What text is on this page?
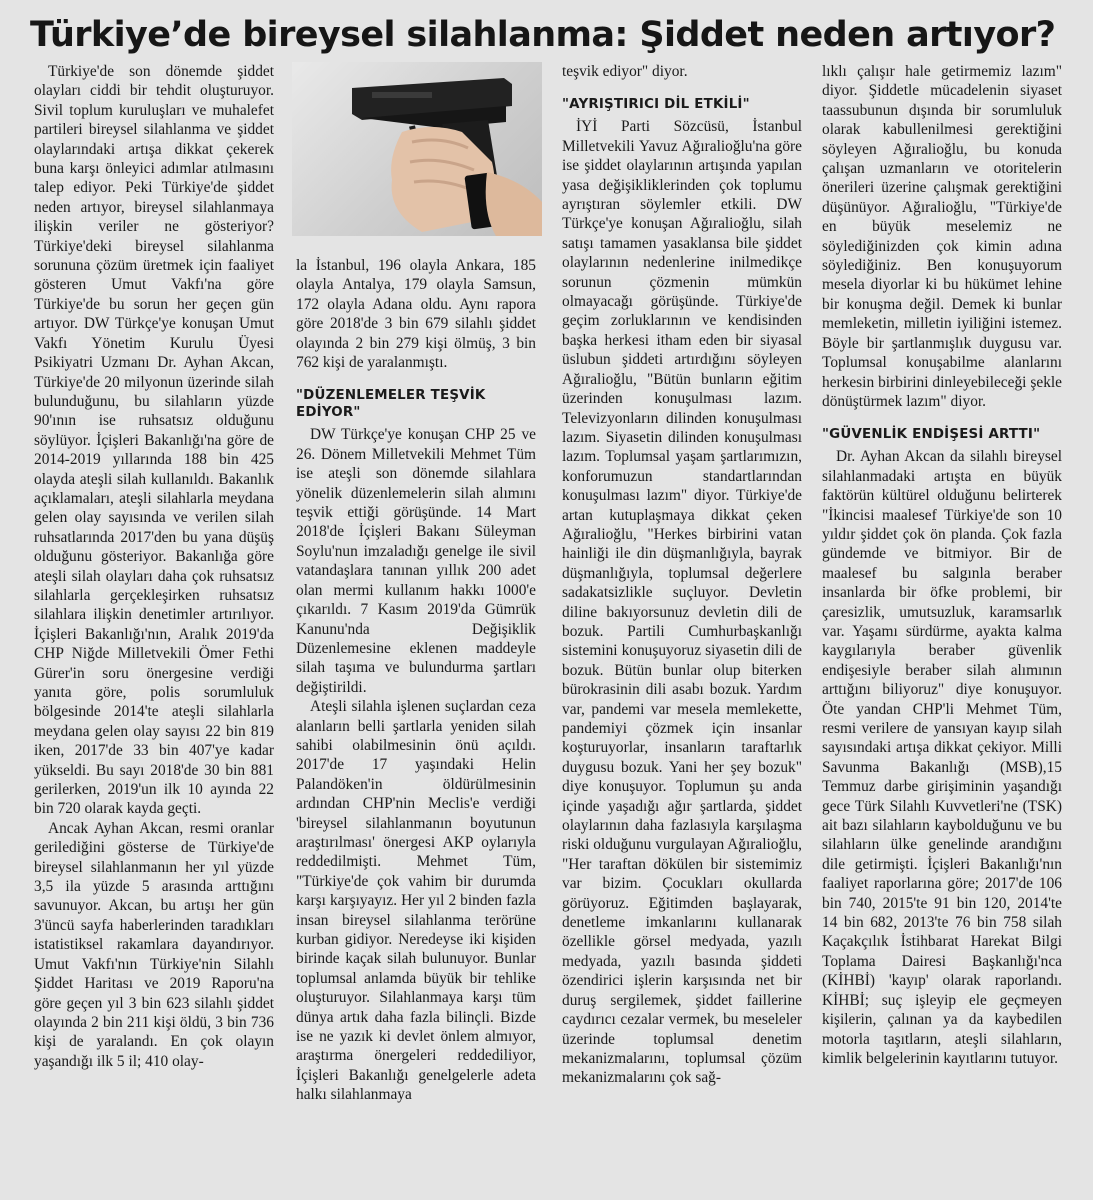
Türkiye’de bireysel silahlanma: Şiddet neden artıyor?

Türkiye'de son dönemde şiddet olayları ciddi bir tehdit oluşturuyor. Sivil toplum kuruluşları ve muhalefet partileri bireysel silahlanma ve şiddet olaylarındaki artışa dikkat çekerek buna karşı önleyici adımlar atılmasını talep ediyor. Peki Türkiye'de şiddet neden artıyor, bireysel silahlanmaya ilişkin veriler ne gösteriyor? Türkiye'deki bireysel silahlanma sorununa çözüm üretmek için faaliyet gösteren Umut Vakfı'na göre Türkiye'de bu sorun her geçen gün artıyor. DW Türkçe'ye konuşan Umut Vakfı Yönetim Kurulu Üyesi Psikiyatri Uzmanı Dr. Ayhan Akcan, Türkiye'de 20 milyonun üzerinde silah bulunduğunu, bu silahların yüzde 90'ının ise ruhsatsız olduğunu söylüyor. İçişleri Bakanlığı'na göre de 2014-2019 yıllarında 188 bin 425 olayda ateşli silah kullanıldı. Bakanlık açıklamaları, ateşli silahlarla meydana gelen olay sayısında ve verilen silah ruhsatlarında 2017'den bu yana düşüş olduğunu gösteriyor. Bakanlığa göre ateşli silah olayları daha çok ruhsatsız silahlarla gerçekleşirken ruhsatsız silahlara ilişkin denetimler artırılıyor. İçişleri Bakanlığı'nın, Aralık 2019'da CHP Niğde Milletvekili Ömer Fethi Gürer'in soru önergesine verdiği yanıta göre, polis sorumluluk bölgesinde 2014'te ateşli silahlarla meydana gelen olay sayısı 22 bin 819 iken, 2017'de 33 bin 407'ye kadar yükseldi. Bu sayı 2018'de 30 bin 881 gerilerken, 2019'un ilk 10 ayında 22 bin 720 olarak kayda geçti.

Ancak Ayhan Akcan, resmi oranlar gerilediğini gösterse de Türkiye'de bireysel silahlanmanın her yıl yüzde 3,5 ila yüzde 5 arasında arttığını savunuyor. Akcan, bu artışı her gün 3'üncü sayfa haberlerinden taradıkları istatistiksel rakamlara dayandırıyor. Umut Vakfı'nın Türkiye'nin Silahlı Şiddet Haritası ve 2019 Raporu'na göre geçen yıl 3 bin 623 silahlı şiddet olayında 2 bin 211 kişi öldü, 3 bin 736 kişi de yaralandı. En çok olayın yaşandığı ilk 5 il; 410 olay-

la İstanbul, 196 olayla Ankara, 185 olayla Antalya, 179 olayla Samsun, 172 olayla Adana oldu. Aynı rapora göre 2018'de 3 bin 679 silahlı şiddet olayında 2 bin 279 kişi ölmüş, 3 bin 762 kişi de yaralanmıştı.

"DÜZENLEMELER TEŞVİK EDİYOR"

DW Türkçe'ye konuşan CHP 25 ve 26. Dönem Milletvekili Mehmet Tüm ise ateşli son dönemde silahlara yönelik düzenlemelerin silah alımını teşvik ettiği görüşünde. 14 Mart 2018'de İçişleri Bakanı Süleyman Soylu'nun imzaladığı genelge ile sivil vatandaşlara tanınan yıllık 200 adet olan mermi kullanım hakkı 1000'e çıkarıldı. 7 Kasım 2019'da Gümrük Kanunu'nda Değişiklik Düzenlemesine eklenen maddeyle silah taşıma ve bulundurma şartları değiştirildi.

Ateşli silahla işlenen suçlardan ceza alanların belli şartlarla yeniden silah sahibi olabilmesinin önü açıldı. 2017'de 17 yaşındaki Helin Palandöken'in öldürülmesinin ardından CHP'nin Meclis'e verdiği 'bireysel silahlanmanın boyutunun araştırılması' önergesi AKP oylarıyla reddedilmişti. Mehmet Tüm, "Türkiye'de çok vahim bir durumda karşı karşıyayız. Her yıl 2 binden fazla insan bireysel silahlanma terörüne kurban gidiyor. Neredeyse iki kişiden birinde kaçak silah bulunuyor. Bunlar toplumsal anlamda büyük bir tehlike oluşturuyor. Silahlanmaya karşı tüm dünya artık daha fazla bilinçli. Bizde ise ne yazık ki devlet önlem almıyor, araştırma önergeleri reddediliyor, İçişleri Bakanlığı genelgelerle adeta halkı silahlanmaya

teşvik ediyor" diyor.

"AYRIŞTIRICI DİL ETKİLİ"

İYİ Parti Sözcüsü, İstanbul Milletvekili Yavuz Ağıralioğlu'na göre ise şiddet olaylarının artışında yapılan yasa değişikliklerinden çok toplumu ayrıştıran söylemler etkili. DW Türkçe'ye konuşan Ağıralioğlu, silah satışı tamamen yasaklansa bile şiddet olaylarının nedenlerine inilmedikçe sorunun çözmenin mümkün olmayacağı görüşünde. Türkiye'de geçim zorluklarının ve kendisinden başka herkesi itham eden bir siyasal üslubun şiddeti artırdığını söyleyen Ağıralioğlu, "Bütün bunların eğitim üzerinden konuşulması lazım. Televizyonların dilinden konuşulması lazım. Siyasetin dilinden konuşulması lazım. Toplumsal yaşam şartlarımızın, konforumuzun standartlarından konuşulması lazım" diyor. Türkiye'de artan kutuplaşmaya dikkat çeken Ağıralioğlu, "Herkes birbirini vatan hainliği ile din düşmanlığıyla, bayrak düşmanlığıyla, toplumsal değerlere sadakatsizlikle suçluyor. Devletin diline bakıyorsunuz devletin dili de bozuk. Partili Cumhurbaşkanlığı sistemini konuşuyoruz siyasetin dili de bozuk. Bütün bunlar olup biterken bürokrasinin dili asabı bozuk. Yardım var, pandemi var mesela memlekette, pandemiyi çözmek için insanlar koşturuyorlar, insanların taraftarlık duygusu bozuk. Yani her şey bozuk" diye konuşuyor. Toplumun şu anda içinde yaşadığı ağır şartlarda, şiddet olaylarının daha fazlasıyla karşılaşma riski olduğunu vurgulayan Ağıralioğlu, "Her taraftan dökülen bir sistemimiz var bizim. Çocukları okullarda görüyoruz. Eğitimden başlayarak, denetleme imkanlarını kullanarak özellikle görsel medyada, yazılı medyada, yazılı basında şiddeti özendirici işlerin karşısında net bir duruş sergilemek, şiddet faillerine caydırıcı cezalar vermek, bu meseleler üzerinde toplumsal denetim mekanizmalarını, toplumsal çözüm mekanizmalarını çok sağ-

lıklı çalışır hale getirmemiz lazım" diyor. Şiddetle mücadelenin siyaset taassubunun dışında bir sorumluluk olarak kabullenilmesi gerektiğini söyleyen Ağıralioğlu, bu konuda çalışan uzmanların ve otoritelerin önerileri üzerine çalışmak gerektiğini düşünüyor. Ağıralioğlu, "Türkiye'de en büyük meselemiz ne söylediğinizden çok kimin adına söylediğiniz. Ben konuşuyorum mesela diyorlar ki bu hükümet lehine bir konuşma değil. Demek ki bunlar memleketin, milletin iyiliğini istemez. Böyle bir şartlanmışlık duygusu var. Toplumsal konuşabilme alanlarını herkesin birbirini dinleyebileceği şekle dönüştürmek lazım" diyor.

"GÜVENLİK ENDİŞESİ ARTTI"

Dr. Ayhan Akcan da silahlı bireysel silahlanmadaki artışta en büyük faktörün kültürel olduğunu belirterek "İkincisi maalesef Türkiye'de son 10 yıldır şiddet çok ön planda. Çok fazla gündemde ve bitmiyor. Bir de maalesef bu salgınla beraber insanlarda bir öfke problemi, bir çaresizlik, umutsuzluk, karamsarlık var. Yaşamı sürdürme, ayakta kalma kaygılarıyla beraber güvenlik endişesiyle beraber silah alımının arttığını biliyoruz" diye konuşuyor. Öte yandan CHP'li Mehmet Tüm, resmi verilere de yansıyan kayıp silah sayısındaki artışa dikkat çekiyor. Milli Savunma Bakanlığı (MSB),15 Temmuz darbe girişiminin yaşandığı gece Türk Silahlı Kuvvetleri'ne (TSK) ait bazı silahların kaybolduğunu ve bu silahların ülke genelinde arandığını dile getirmişti. İçişleri Bakanlığı'nın faaliyet raporlarına göre; 2017'de 106 bin 740, 2015'te 91 bin 120, 2014'te 14 bin 682, 2013'te 76 bin 758 silah Kaçakçılık İstihbarat Harekat Bilgi Toplama Dairesi Başkanlığı'nca (KİHBİ) 'kayıp' olarak raporlandı. KİHBİ; suç işleyip ele geçmeyen kişilerin, çalınan ya da kaybedilen motorla taşıtların, ateşli silahların, kimlik belgelerinin kayıtlarını tutuyor.
